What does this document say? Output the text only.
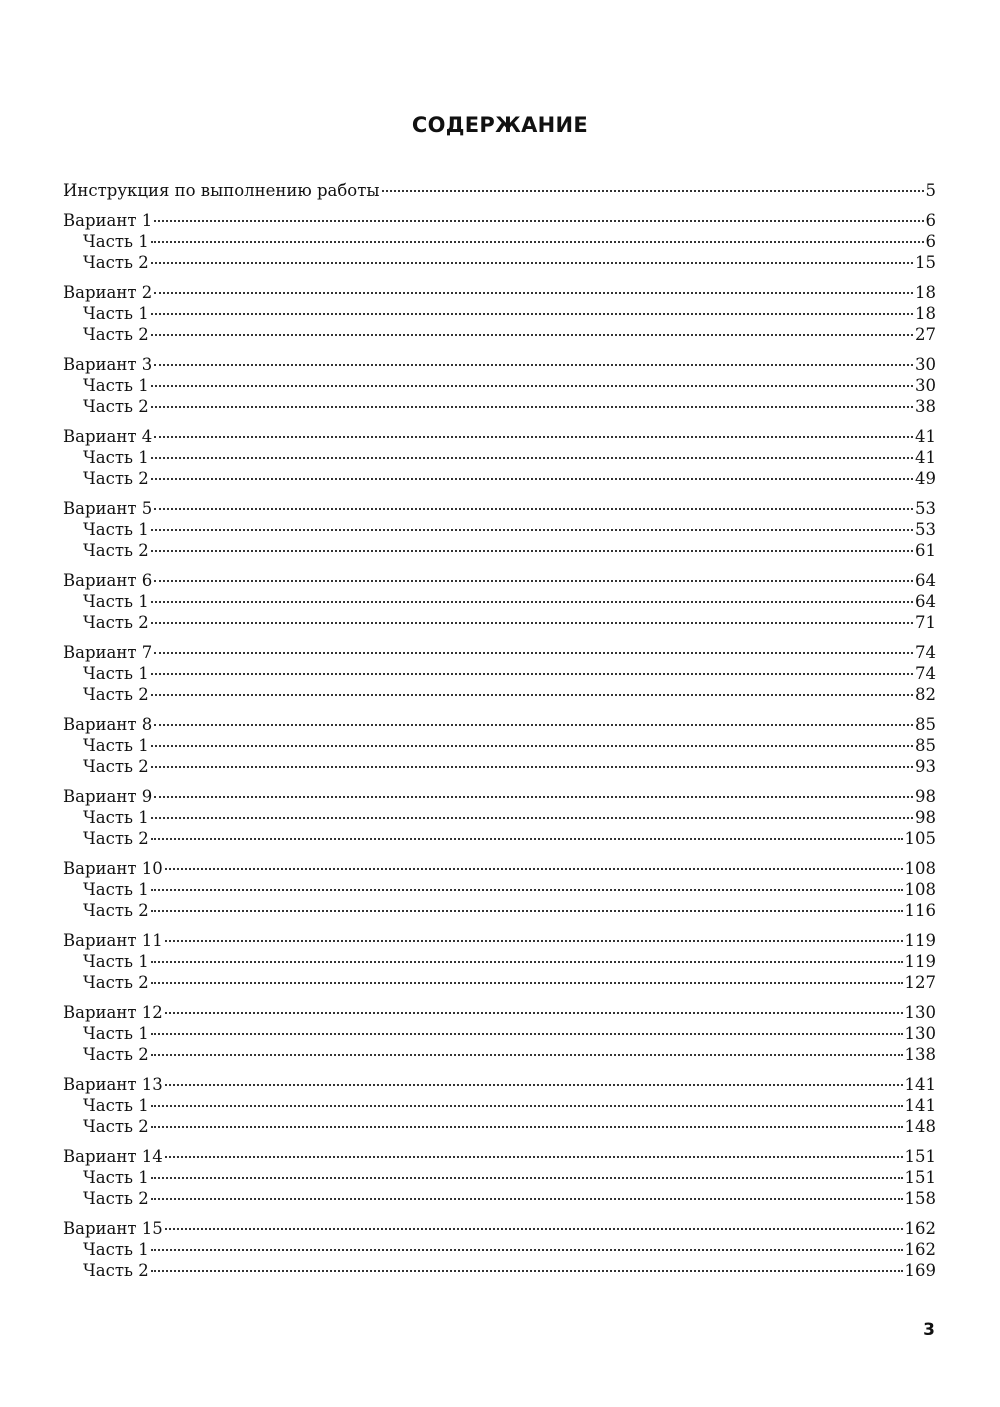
СОДЕРЖАНИЕ
Инструкция по выполнению работы	5
Вариант 1	6
Часть 1	6
Часть 2	15
Вариант 2	18
Часть 1	18
Часть 2	27
Вариант 3	30
Часть 1	30
Часть 2	38
Вариант 4	41
Часть 1	41
Часть 2	49
Вариант 5	53
Часть 1	53
Часть 2	61
Вариант 6	64
Часть 1	64
Часть 2	71
Вариант 7	74
Часть 1	74
Часть 2	82
Вариант 8	85
Часть 1	85
Часть 2	93
Вариант 9	98
Часть 1	98
Часть 2	105
Вариант 10	108
Часть 1	108
Часть 2	116
Вариант 11	119
Часть 1	119
Часть 2	127
Вариант 12	130
Часть 1	130
Часть 2	138
Вариант 13	141
Часть 1	141
Часть 2	148
Вариант 14	151
Часть 1	151
Часть 2	158
Вариант 15	162
Часть 1	162
Часть 2	169
3
